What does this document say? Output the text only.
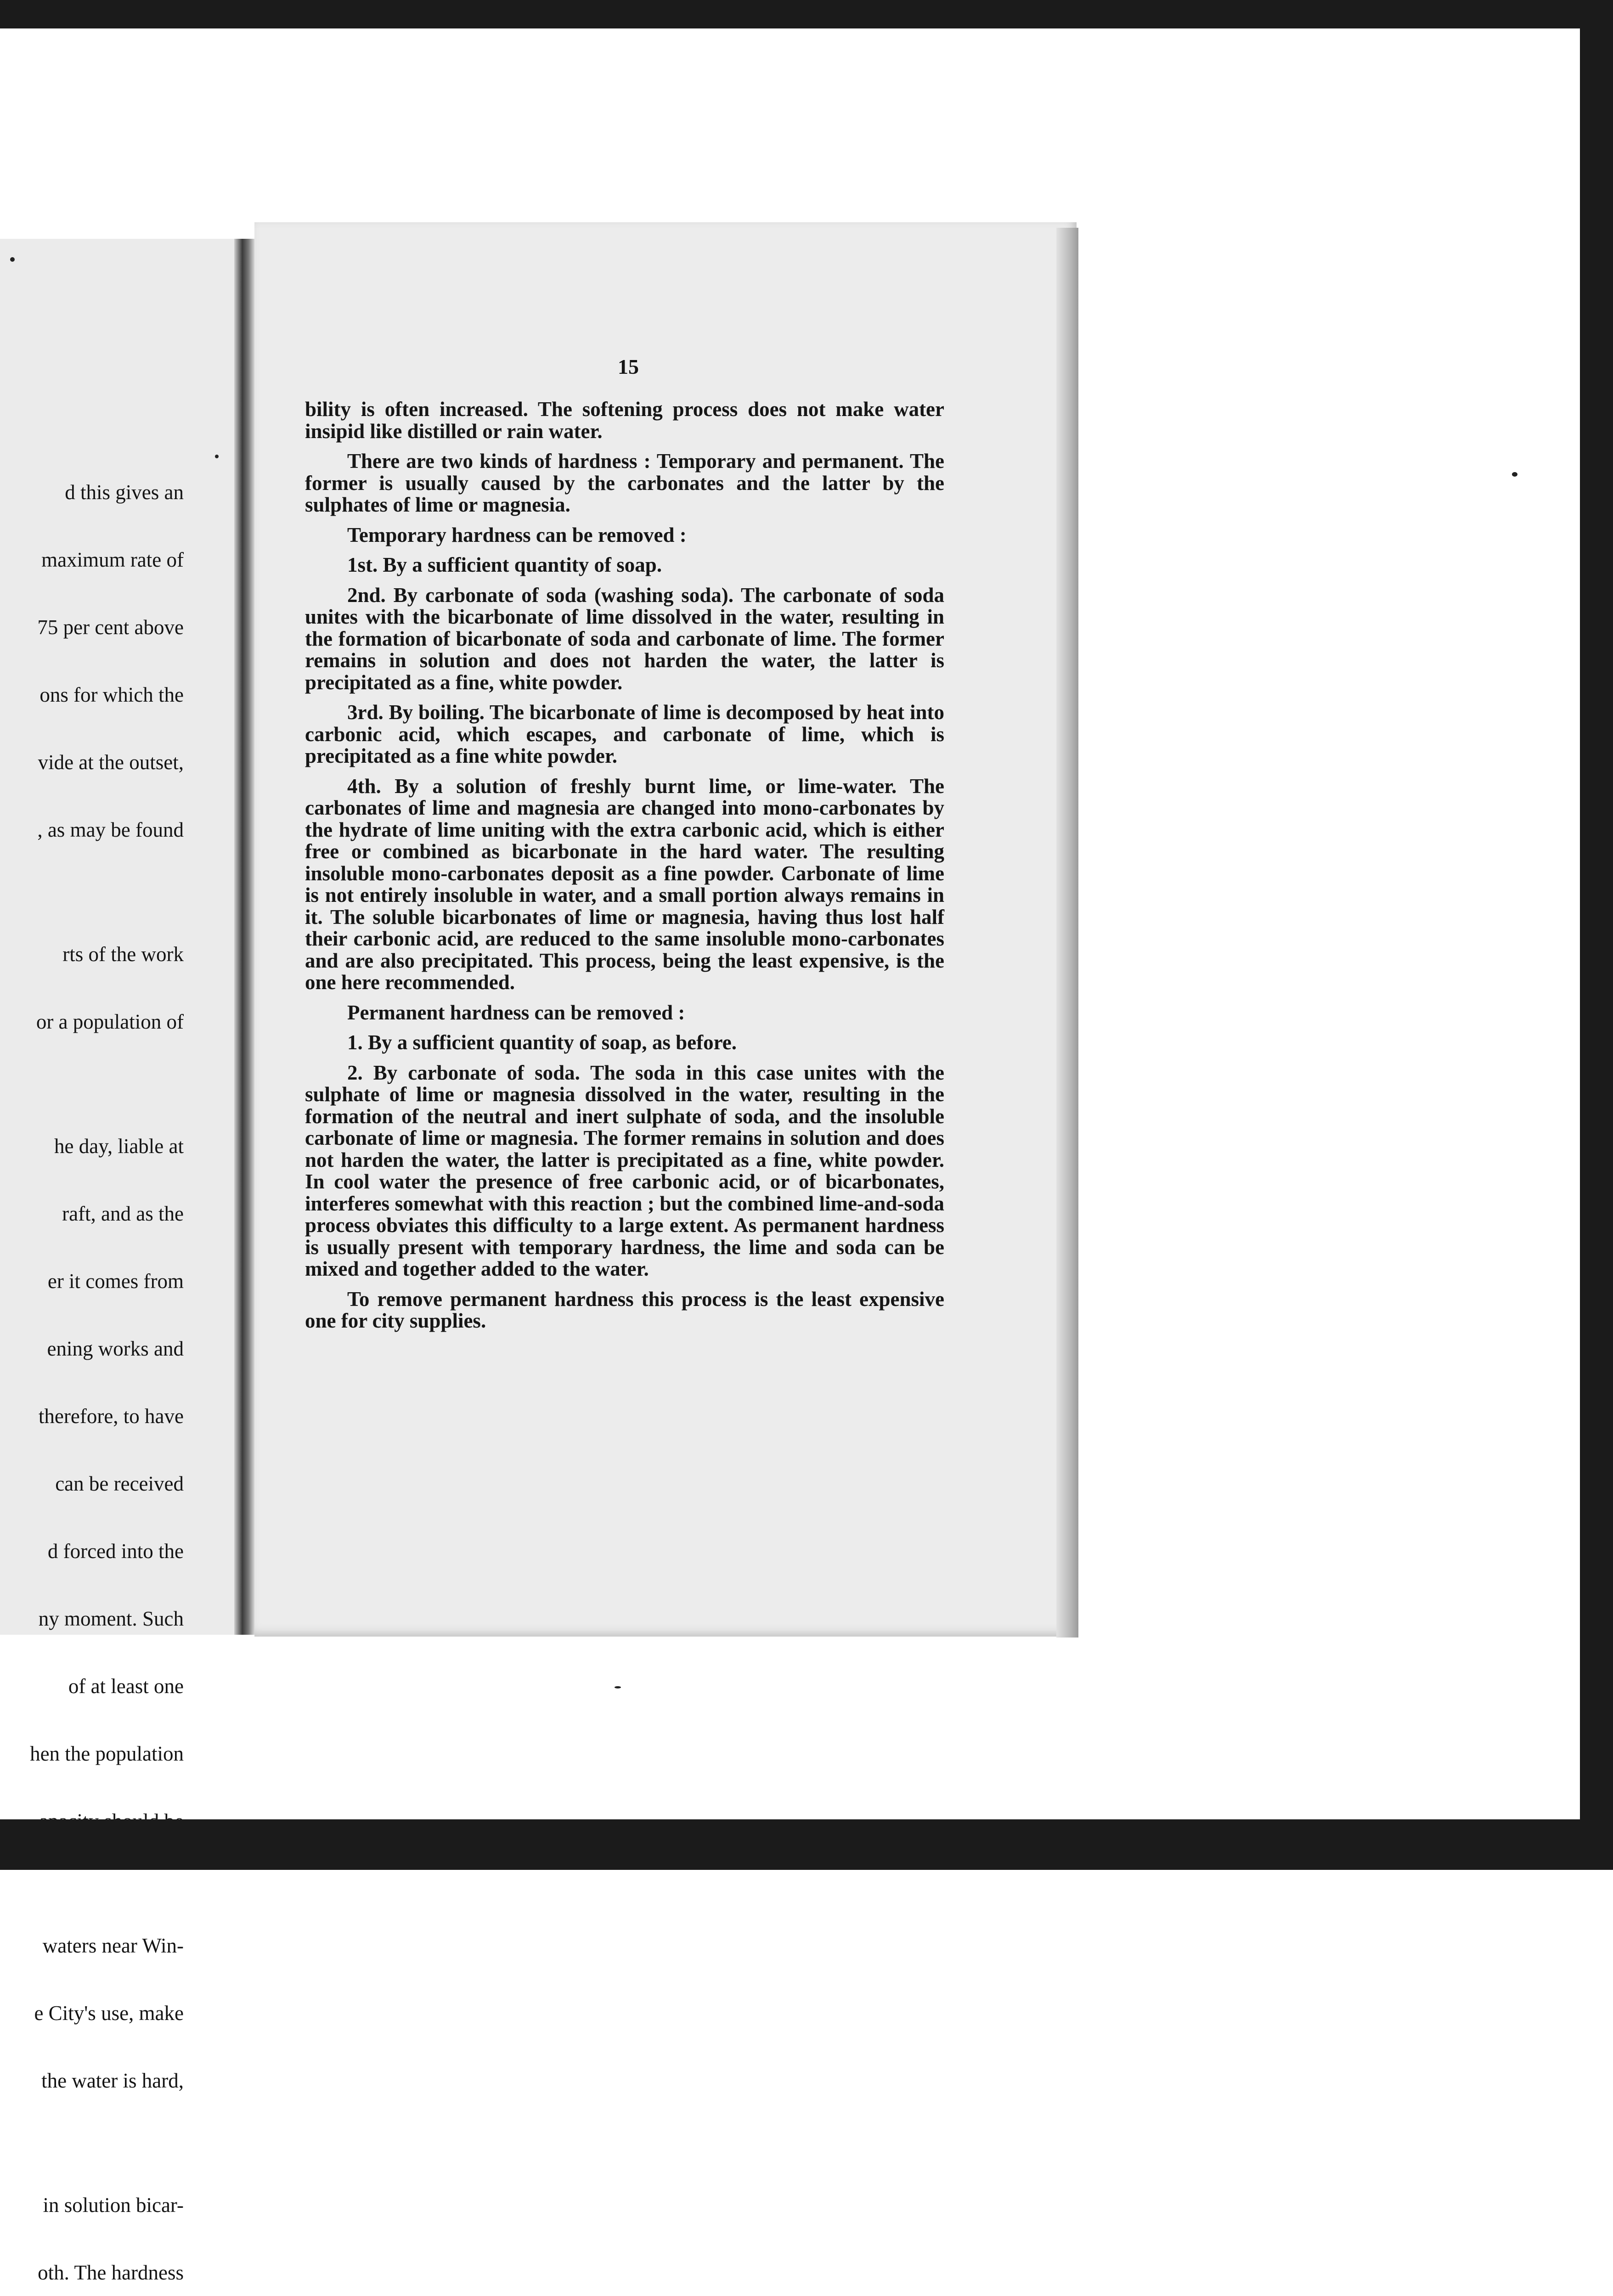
d this gives an

maximum rate of

75 per cent above

ons for which the

vide at the outset,

, as may be found

rts of the work

or a population of

he day, liable at

raft, and as the

er it comes from

ening works and

therefore, to have

can be received

d forced into the

ny moment. Such

of at least one

hen the population

waters near Win-

e City's use, make

the water is hard,

in solution bicar-

oth. The hardness

15

bility is often increased. The softening process does not make water insipid like distilled or rain water.

There are two kinds of hardness : Temporary and permanent. The former is usually caused by the carbonates and the latter by the sulphates of lime or magnesia.

Temporary hardness can be removed :

1st. By a sufficient quantity of soap.

2nd. By carbonate of soda (washing soda). The carbonate of soda unites with the bicarbonate of lime dissolved in the water, resulting in the formation of bicarbonate of soda and carbonate of lime. The former remains in solution and does not harden the water, the latter is precipitated as a fine, white powder.

3rd. By boiling. The bicarbonate of lime is decomposed by heat into carbonic acid, which escapes, and carbonate of lime, which is precipitated as a fine white powder.

4th. By a solution of freshly burnt lime, or lime-water. The carbonates of lime and magnesia are changed into mono-carbonates by the hydrate of lime uniting with the extra carbonic acid, which is either free or combined as bicarbonate in the hard water. The resulting insoluble mono-carbonates deposit as a fine powder. Carbonate of lime is not entirely insoluble in water, and a small portion always remains in it. The soluble bicarbonates of lime or magnesia, having thus lost half their carbonic acid, are reduced to the same insoluble mono-carbonates and are also precipitated. This process, being the least expensive, is the one here recommended.

Permanent hardness can be removed :

1. By a sufficient quantity of soap, as before.

2. By carbonate of soda. The soda in this case unites with the sulphate of lime or magnesia dissolved in the water, resulting in the formation of the neutral and inert sulphate of soda, and the insoluble carbonate of lime or magnesia. The former remains in solution and does not harden the water, the latter is precipitated as a fine, white powder. In cool water the presence of free carbonic acid, or of bicarbonates, interferes somewhat with this reaction ; but the combined lime-and-soda process obviates this difficulty to a large extent. As permanent hardness is usually present with temporary hardness, the lime and soda can be mixed and together added to the water.

To remove permanent hardness this process is the least expensive one for city supplies.
